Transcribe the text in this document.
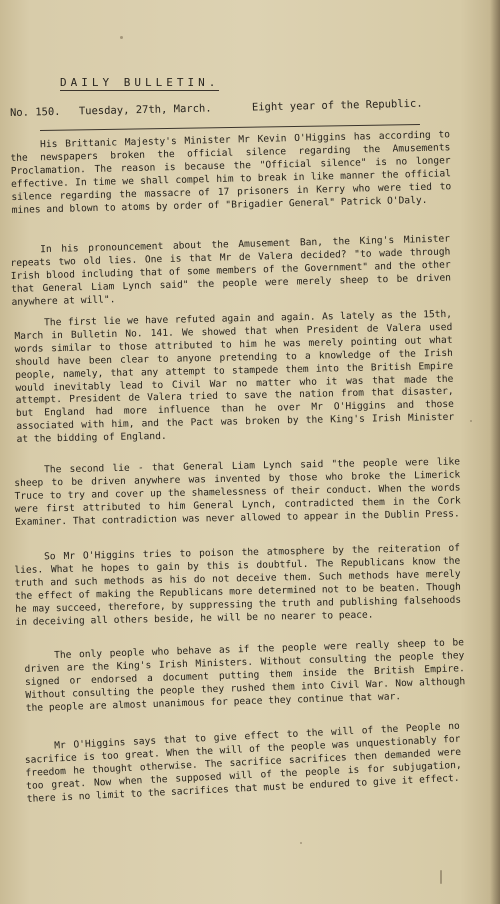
DAILY BULLETIN.
No. 150. Tuesday, 27th, March.	Eight year of the Republic.

His Brittanic Majesty's Minister Mr Kevin O'Higgins has according to the newspapers broken the official silence regarding the Amusements Proclamation. The reason is because the "Official silence" is no longer effective. In time we shall compel him to break in like manner the official silence regarding the massacre of 17 prisoners in Kerry who were tied to mines and blown to atoms by order of "Brigadier General" Patrick O'Daly.

In his pronouncement about the Amusement Ban, the King's Minister repeats two old lies. One is that Mr de Valera decided? "to wade through Irish blood including that of some members of the Government" and the other that General Liam Lynch said" the people were merely sheep to be driven anywhere at will".

The first lie we have refuted again and again. As lately as the 15th, March in Bulletin No. 141. We showed that when President de Valera used words similar to those attributed to him he was merely pointing out what should have been clear to anyone pretending to a knowledge of the Irish people, namely, that any attempt to stampede them into the British Empire would inevitably lead to Civil War no matter who it was that made the attempt. President de Valera tried to save the nation from that disaster, but England had more influence than he over Mr O'Higgins and those associated with him, and the Pact was broken by the King's Irish Minister at the bidding of England.

The second lie - that General Liam Lynch said "the people were like sheep to be driven anywhere was invented by those who broke the Limerick Truce to try and cover up the shamelessness of their conduct. When the words were first attributed to him General Lynch, contradicted them in the Cork Examiner. That contradiction was never allowed to appear in the Dublin Press.

So Mr O'Higgins tries to poison the atmosphere by the reiteration of lies. What he hopes to gain by this is doubtful. The Republicans know the truth and such methods as his do not deceive them. Such methods have merely the effect of making the Republicans more determined not to be beaten. Though he may succeed, therefore, by suppressing the truth and publishing falsehoods in deceiving all others beside, he will be no nearer to peace.

The only people who behave as if the people were really sheep to be driven are the King's Irish Ministers. Without consulting the people they signed or endorsed a document putting them inside the British Empire. Without consulting the people they rushed them into Civil War. Now although the people are almost unanimous for peace they continue that war.

Mr O'Higgins says that to give effect to the will of the People no sacrifice is too great. When the will of the people was unquestionably for freedom he thought otherwise. The sacrifice sacrifices then demanded were too great. Now when the supposed will of the people is for subjugation, there is no limit to the sacrifices that must be endured to give it effect.
